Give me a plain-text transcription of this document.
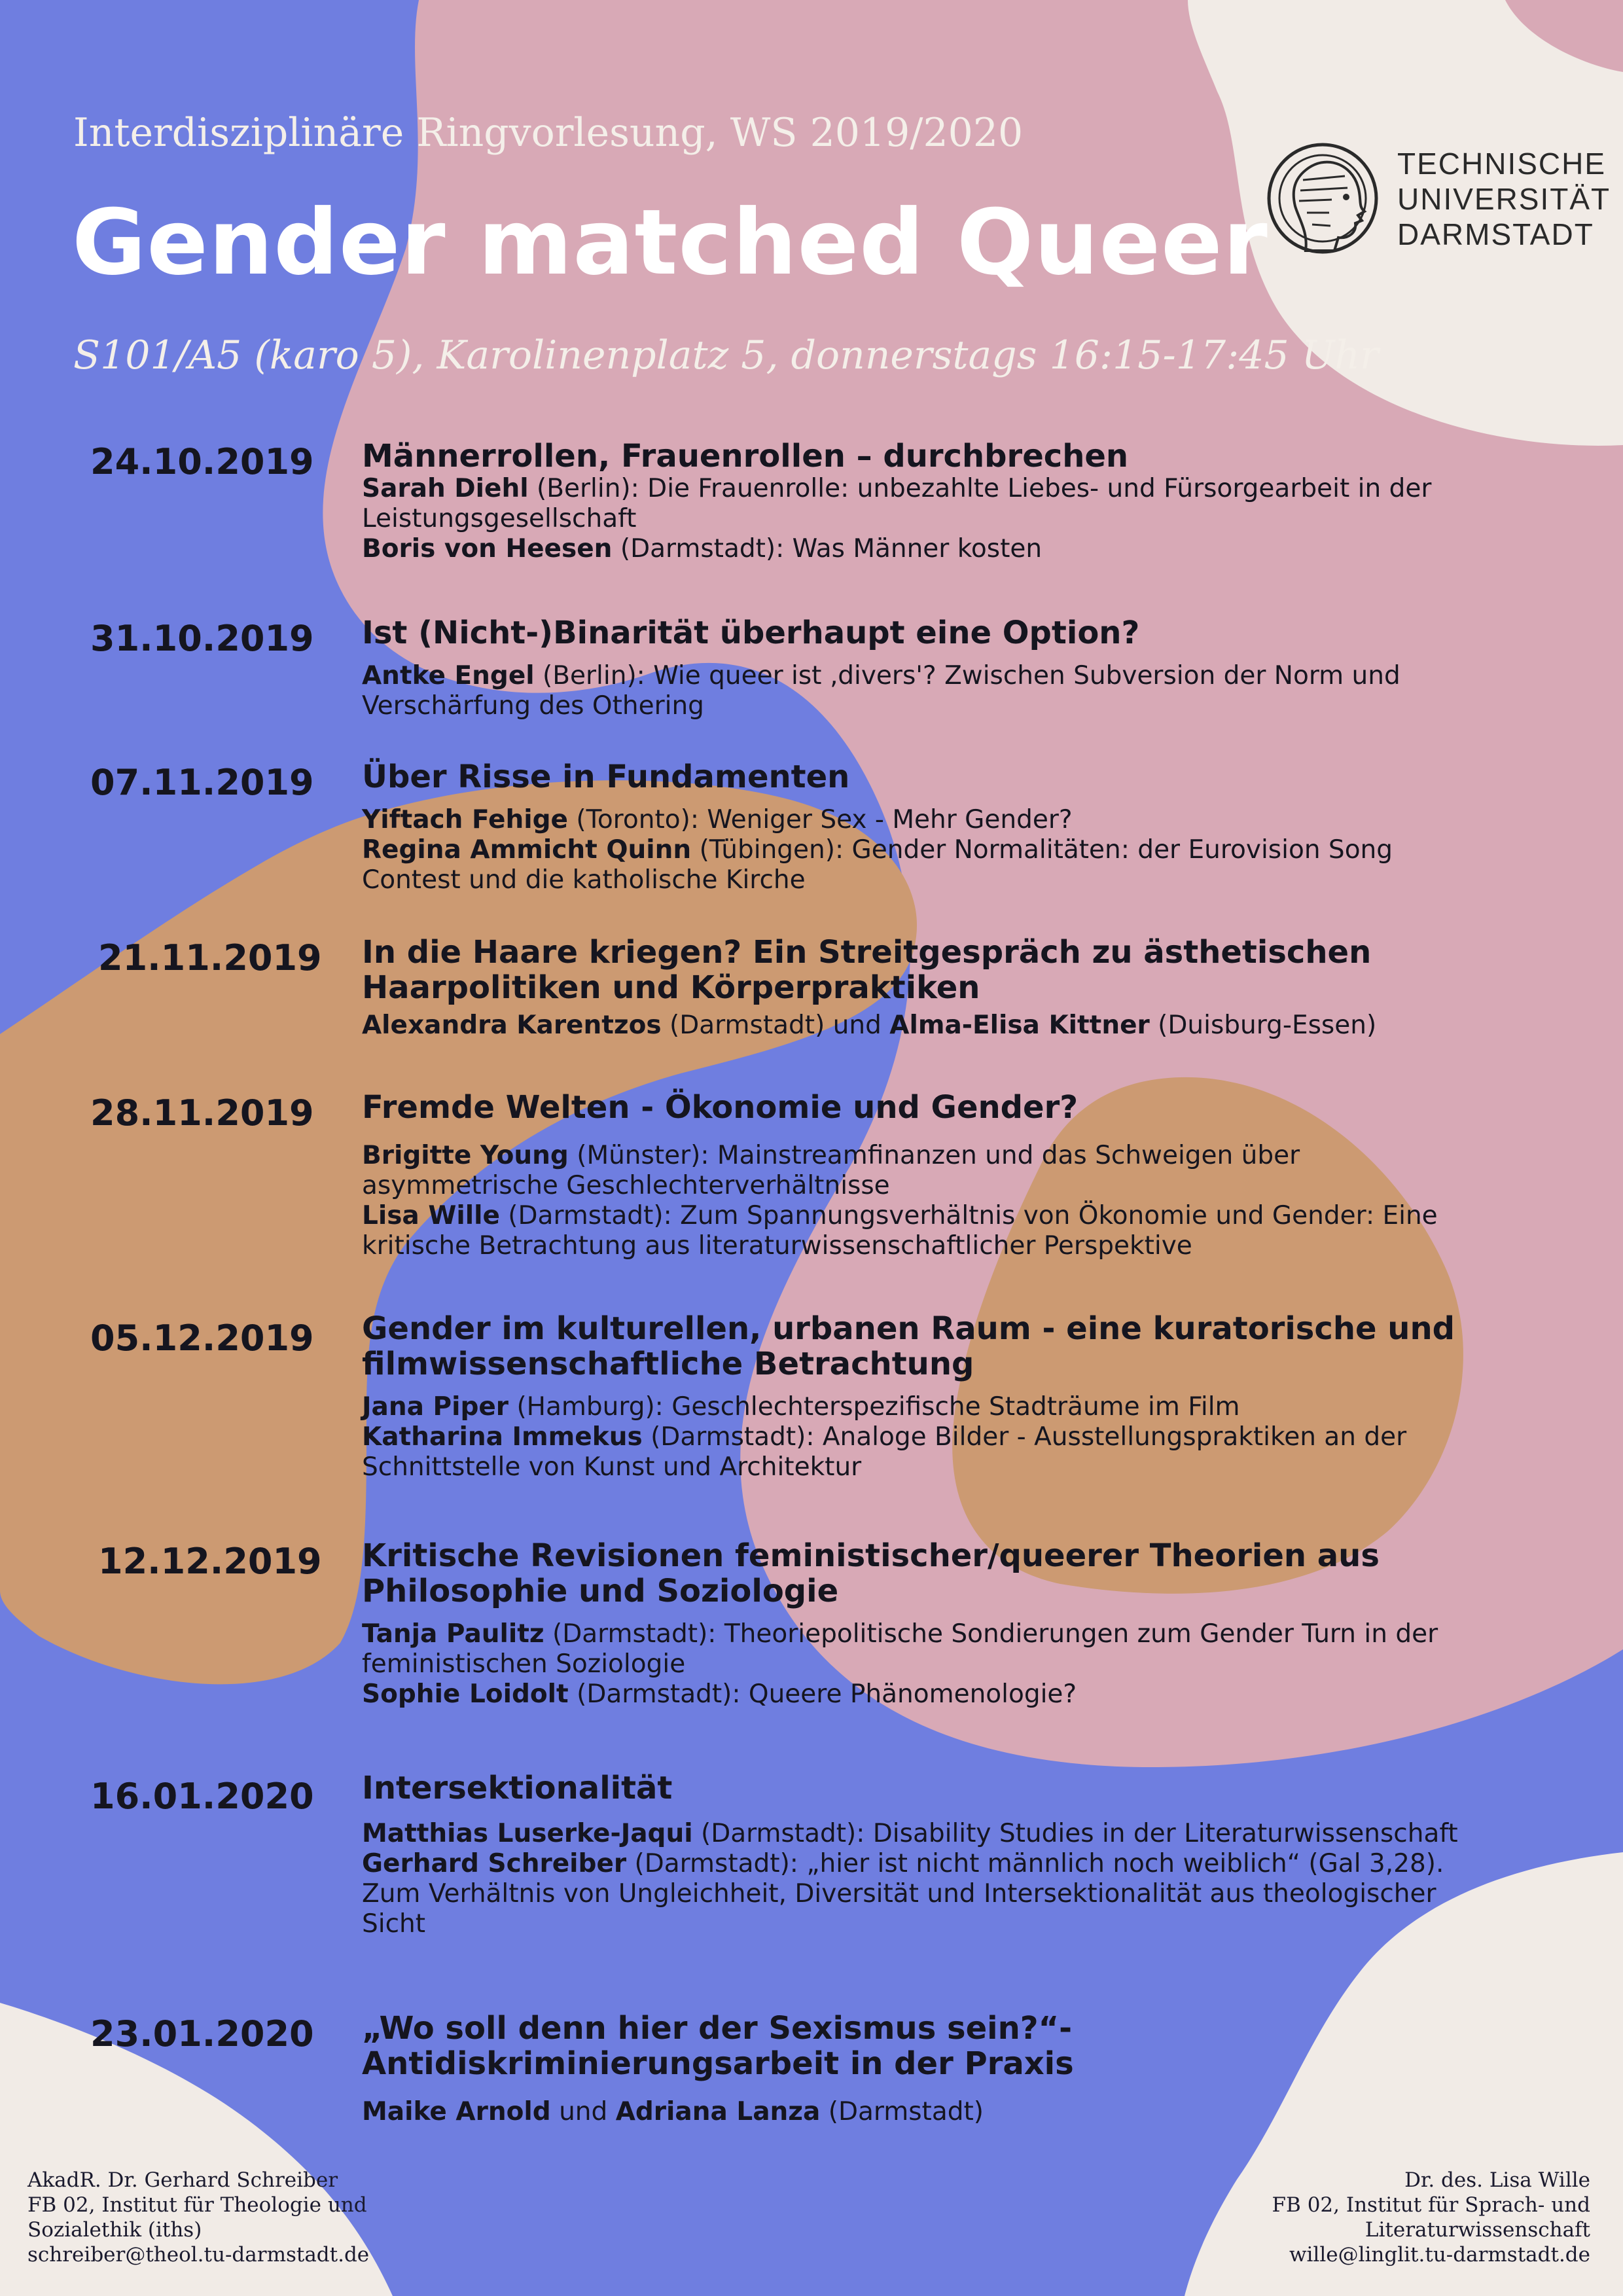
Interdisziplinäre Ringvorlesung, WS 2019/2020
Gender matched Queer
S101/A5 (karo 5), Karolinenplatz 5, donnerstags 16:15-17:45 Uhr
TECHNISCHE
UNIVERSITÄT
DARMSTADT
24.10.2019 Männerrollen, Frauenrollen – durchbrechen
Sarah Diehl (Berlin): Die Frauenrolle: unbezahlte Liebes- und Fürsorgearbeit in der Leistungsgesellschaft
Boris von Heesen (Darmstadt): Was Männer kosten
31.10.2019 Ist (Nicht-)Binarität überhaupt eine Option?
Antke Engel (Berlin): Wie queer ist ‚divers'? Zwischen Subversion der Norm und Verschärfung des Othering
07.11.2019 Über Risse in Fundamenten
Yiftach Fehige (Toronto): Weniger Sex - Mehr Gender?
Regina Ammicht Quinn (Tübingen): Gender Normalitäten: der Eurovision Song Contest und die katholische Kirche
21.11.2019 In die Haare kriegen? Ein Streitgespräch zu ästhetischen Haarpolitiken und Körperpraktiken
Alexandra Karentzos (Darmstadt) und Alma-Elisa Kittner (Duisburg-Essen)
28.11.2019 Fremde Welten - Ökonomie und Gender?
Brigitte Young (Münster): Mainstreamfinanzen und das Schweigen über asymmetrische Geschlechterverhältnisse
Lisa Wille (Darmstadt): Zum Spannungsverhältnis von Ökonomie und Gender: Eine kritische Betrachtung aus literaturwissenschaftlicher Perspektive
05.12.2019 Gender im kulturellen, urbanen Raum - eine kuratorische und filmwissenschaftliche Betrachtung
Jana Piper (Hamburg): Geschlechterspezifische Stadträume im Film
Katharina Immekus (Darmstadt): Analoge Bilder - Ausstellungspraktiken an der Schnittstelle von Kunst und Architektur
12.12.2019 Kritische Revisionen feministischer/queerer Theorien aus Philosophie und Soziologie
Tanja Paulitz (Darmstadt): Theoriepolitische Sondierungen zum Gender Turn in der feministischen Soziologie
Sophie Loidolt (Darmstadt): Queere Phänomenologie?
16.01.2020 Intersektionalität
Matthias Luserke-Jaqui (Darmstadt): Disability Studies in der Literaturwissenschaft
Gerhard Schreiber (Darmstadt): „hier ist nicht männlich noch weiblich“ (Gal 3,28). Zum Verhältnis von Ungleichheit, Diversität und Intersektionalität aus theologischer Sicht
23.01.2020 „Wo soll denn hier der Sexismus sein?“- Antidiskriminierungsarbeit in der Praxis
Maike Arnold und Adriana Lanza (Darmstadt)
AkadR. Dr. Gerhard Schreiber
FB 02, Institut für Theologie und
Sozialethik (iths)
schreiber@theol.tu-darmstadt.de
Dr. des. Lisa Wille
FB 02, Institut für Sprach- und
Literaturwissenschaft
wille@linglit.tu-darmstadt.de
